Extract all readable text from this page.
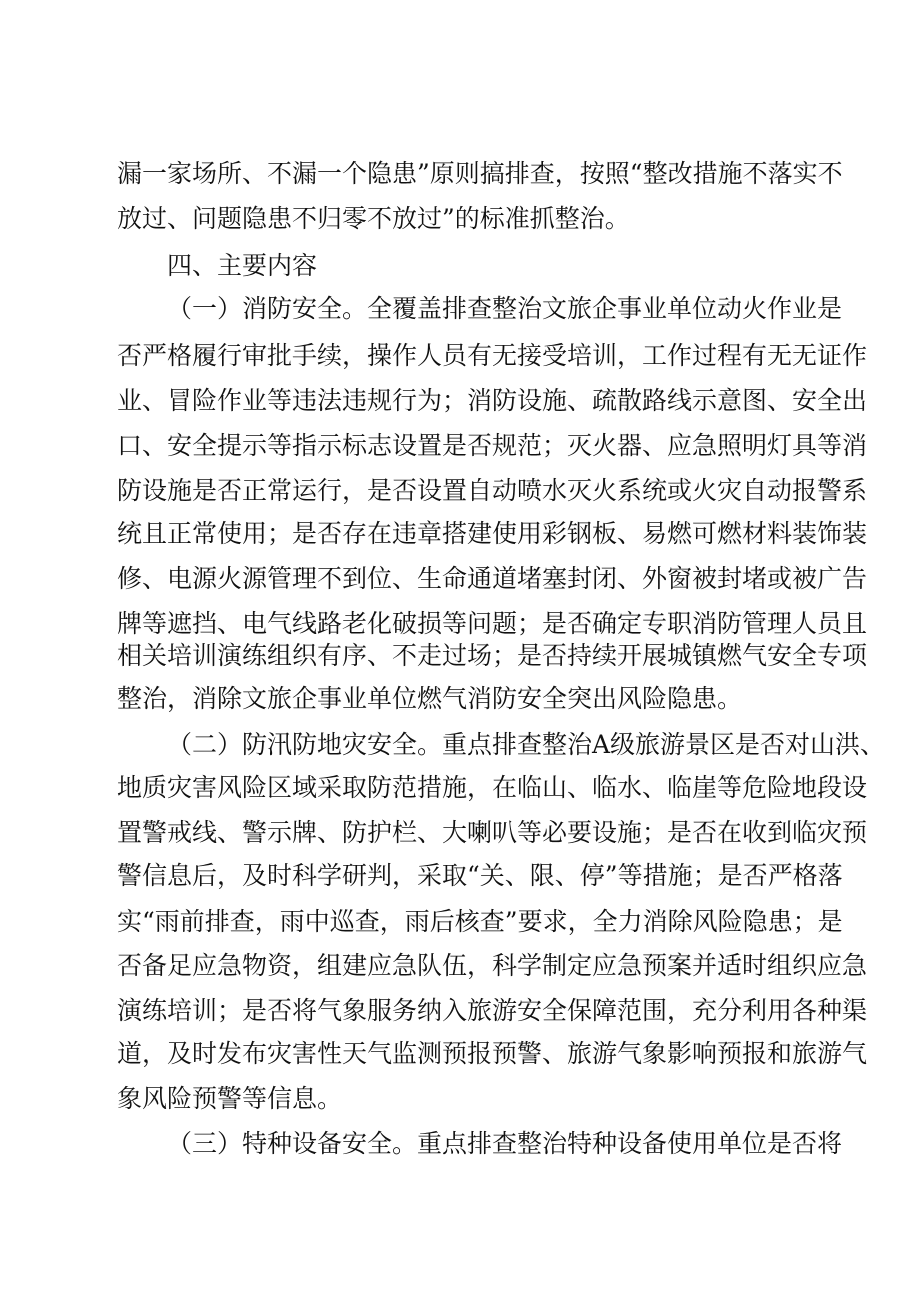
漏一家场所、不漏一个隐患”原则搞排查，按照“整改措施不落实不
放过、问题隐患不归零不放过”的标准抓整治。
四、主要内容
（一）消防安全。全覆盖排查整治文旅企事业单位动火作业是
否严格履行审批手续，操作人员有无接受培训，工作过程有无无证作
业、冒险作业等违法违规行为；消防设施、疏散路线示意图、安全出
口、安全提示等指示标志设置是否规范；灭火器、应急照明灯具等消
防设施是否正常运行，是否设置自动喷水灭火系统或火灾自动报警系
统且正常使用；是否存在违章搭建使用彩钢板、易燃可燃材料装饰装
修、电源火源管理不到位、生命通道堵塞封闭、外窗被封堵或被广告
牌等遮挡、电气线路老化破损等问题；是否确定专职消防管理人员且
相关培训演练组织有序、不走过场；是否持续开展城镇燃气安全专项
整治，消除文旅企事业单位燃气消防安全突出风险隐患。
（二）防汛防地灾安全。重点排查整治A级旅游景区是否对山洪、
地质灾害风险区域采取防范措施，在临山、临水、临崖等危险地段设
置警戒线、警示牌、防护栏、大喇叭等必要设施；是否在收到临灾预
警信息后，及时科学研判，采取“关、限、停”等措施；是否严格落
实“雨前排查，雨中巡查，雨后核查”要求，全力消除风险隐患；是
否备足应急物资，组建应急队伍，科学制定应急预案并适时组织应急
演练培训；是否将气象服务纳入旅游安全保障范围，充分利用各种渠
道，及时发布灾害性天气监测预报预警、旅游气象影响预报和旅游气
象风险预警等信息。
（三）特种设备安全。重点排查整治特种设备使用单位是否将
